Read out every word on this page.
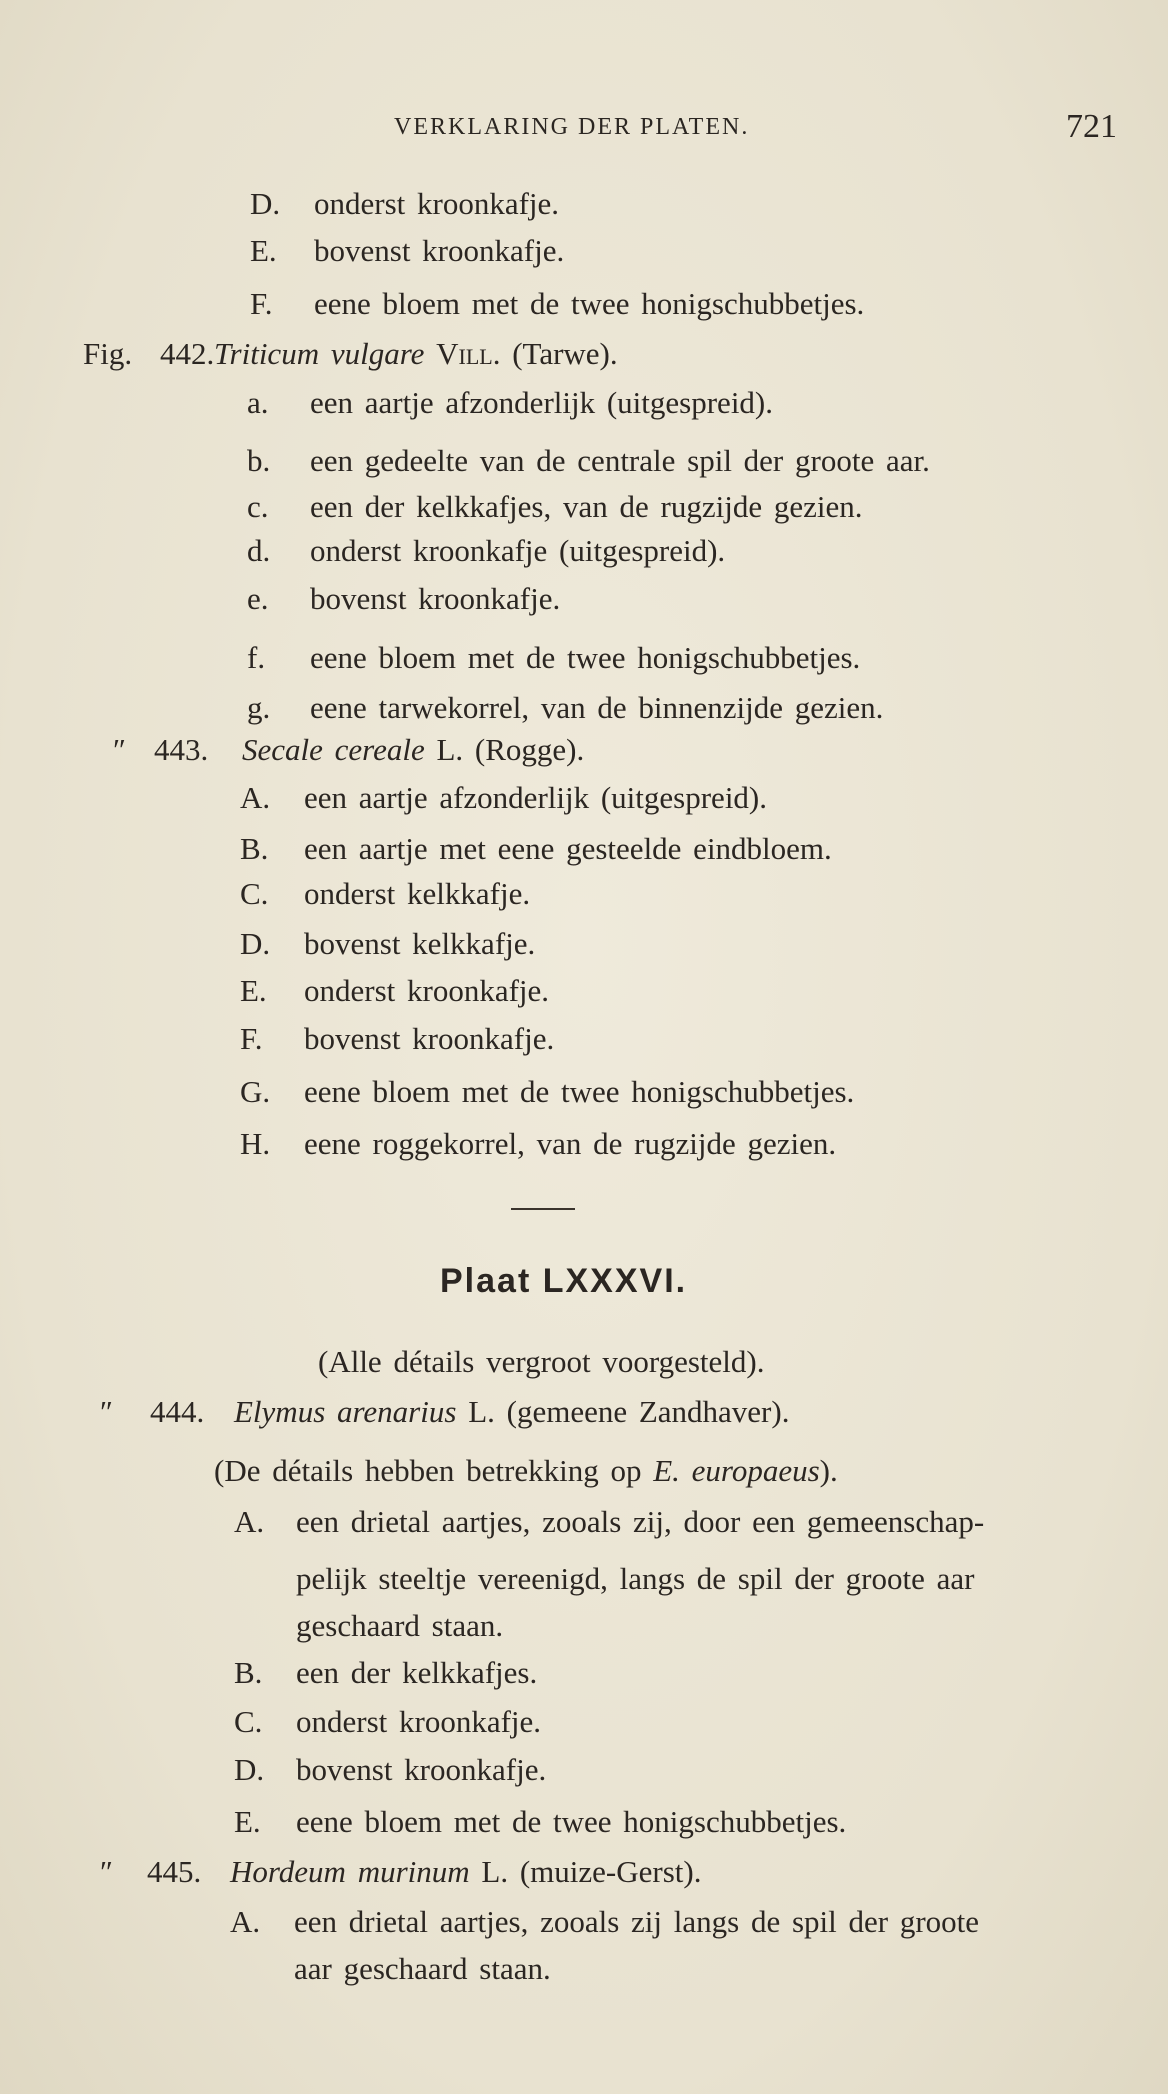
VERKLARING DER PLATEN.	721
Plaat LXXXVI.
D. onderst kroonkafje.
E. bovenst kroonkafje.
F. eene bloem met de twee honigschubbetjes.
Fig. 442. Triticum vulgare Vill. (Tarwe).
a. een aartje afzonderlijk (uitgespreid).
b. een gedeelte van de centrale spil der groote aar.
c. een der kelkkafjes, van de rugzijde gezien.
d. onderst kroonkafje (uitgespreid).
e. bovenst kroonkafje.
f. eene bloem met de twee honigschubbetjes.
g. eene tarwekorrel, van de binnenzijde gezien.
″ 443. Secale cereale L. (Rogge).
A. een aartje afzonderlijk (uitgespreid).
B. een aartje met eene gesteelde eindbloem.
C. onderst kelkkafje.
D. bovenst kelkkafje.
E. onderst kroonkafje.
F. bovenst kroonkafje.
G. eene bloem met de twee honigschubbetjes.
H. eene roggekorrel, van de rugzijde gezien.
(Alle détails vergroot voorgesteld).
″ 444. Elymus arenarius L. (gemeene Zandhaver).
(De détails hebben betrekking op E. europaeus).
A. een drietal aartjes, zooals zij, door een gemeenschap-
pelijk steeltje vereenigd, langs de spil der groote aar
geschaard staan.
B. een der kelkkafjes.
C. onderst kroonkafje.
D. bovenst kroonkafje.
E. eene bloem met de twee honigschubbetjes.
″ 445. Hordeum murinum L. (muize-Gerst).
A. een drietal aartjes, zooals zij langs de spil der groote
aar geschaard staan.
